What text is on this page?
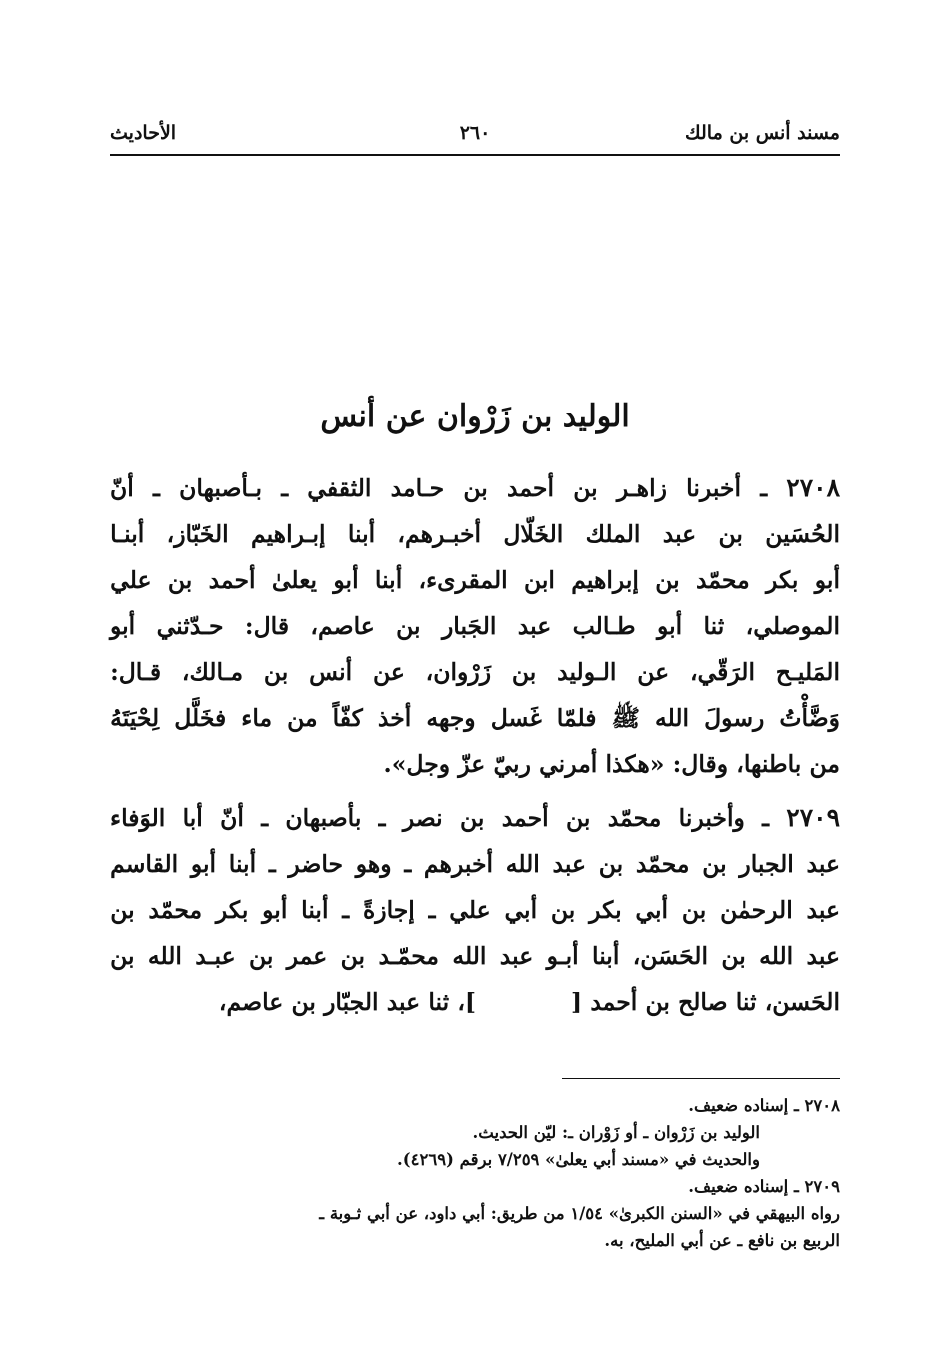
مسند أنس بن مالك
٢٦٠
الأحاديث
الوليد بن زَرْوان عن أنس
٢٧٠٨
ـ
أخبرنا
زاهـر
بن
أحمد
بن
حـامد
الثقفي
ـ
بـأصبهان
ـ
أنّ
الحُسَين
بن
عبد
الملك
الخَلّال
أخبـرهم،
أبنا
إبـراهيم
الخَبّاز،
أبنـا
أبو
بكر
محمّد
بن
إبراهيم
ابن
المقرىء،
أبنا
أبو
يعلىٰ
أحمد
بن
علي
الموصلي،
ثنا
أبو
طـالب
عبد
الجَبار
بن
عاصم،
قال:
حـدّثني
أبو
المَليـح
الرَقّي،
عن
الـوليد
بن
زَرْوان،
عن
أنس
بن
مـالك،
قـال:
وَضَّأْتُ
رسولَ
الله
ﷺ
فلمّا
غَسل
وجهه
أخذ
كفّاً
من
ماء
فخَلَّل
لِحْيَتَهُ
من باطنها، وقال: «هكذا أمرني ربيّ عزّ وجل».
٢٧٠٩
ـ
وأخبرنا
محمّد
بن
أحمد
بن
نصر
ـ
بأصبهان
ـ
أنّ
أبا
الوَفاء
عبد
الجبار
بن
محمّد
بن
عبد
الله
أخبرهم
ـ
وهو
حاضر
ـ
أبنا
أبو
القاسم
عبد
الرحمٰن
بن
أبي
بكر
بن
أبي
علي
ـ
إجازةً
ـ
أبنا
أبو
بكر
محمّد
بن
عبد
الله
بن
الحَسَن،
أبنا
أبـو
عبد
الله
محمّـد
بن
عمر
بن
عبـد
الله
بن
الحَسن، ثنا صالح بن أحمد [
]، ثنا عبد الجبّار بن عاصم،
٢٧٠٨ ـ إسناده ضعيف.
الوليد بن زَرْوان ـ أو زَوْران ـ: ليّن الحديث.
والحديث في «مسند أبي يعلىٰ» ٧/٢٥٩ برقم (٤٢٦٩).
٢٧٠٩ ـ إسناده ضعيف.
رواه البيهقي في «السنن الكبرىٰ» ١/٥٤ من طريق: أبي داود، عن أبي ثـوبة ـ
الربيع بن نافع ـ عن أبي المليح، به.
